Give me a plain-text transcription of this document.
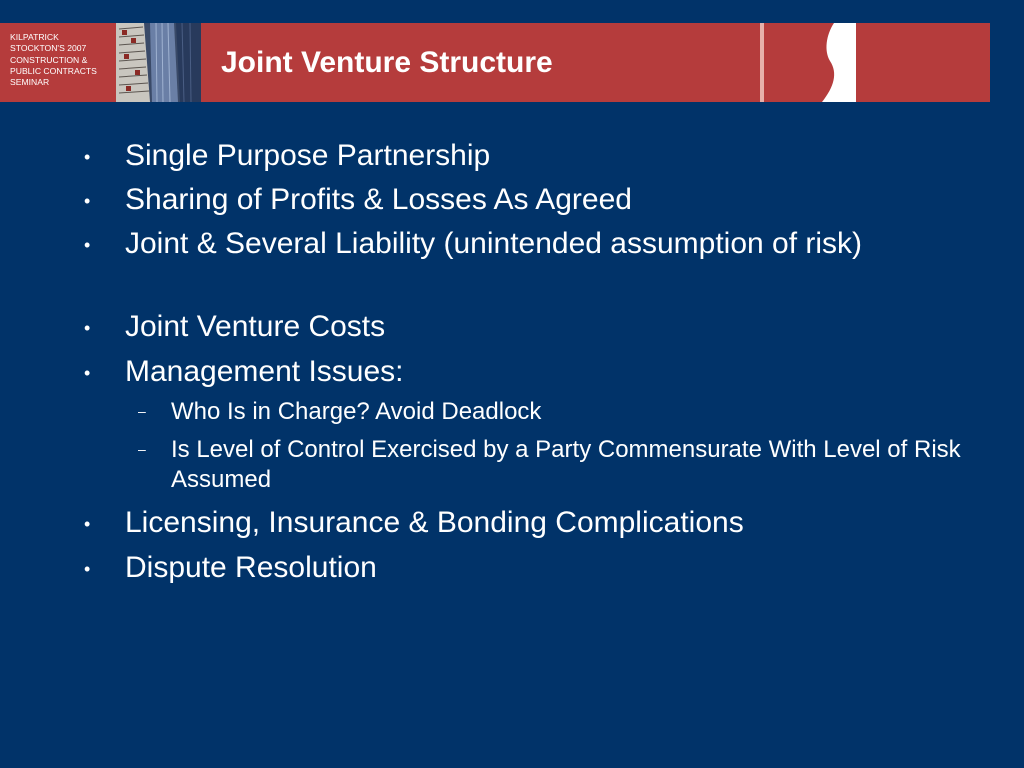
KILPATRICK
STOCKTON'S 2007
CONSTRUCTION &
PUBLIC CONTRACTS
SEMINAR
Joint Venture Structure
• Single Purpose Partnership
• Sharing of Profits & Losses As Agreed
• Joint & Several Liability (unintended assumption of risk)
• Joint Venture Costs
• Management Issues:
– Who Is in Charge? Avoid Deadlock
– Is Level of Control Exercised by a Party Commensurate With Level of Risk Assumed
• Licensing, Insurance & Bonding Complications
• Dispute Resolution
